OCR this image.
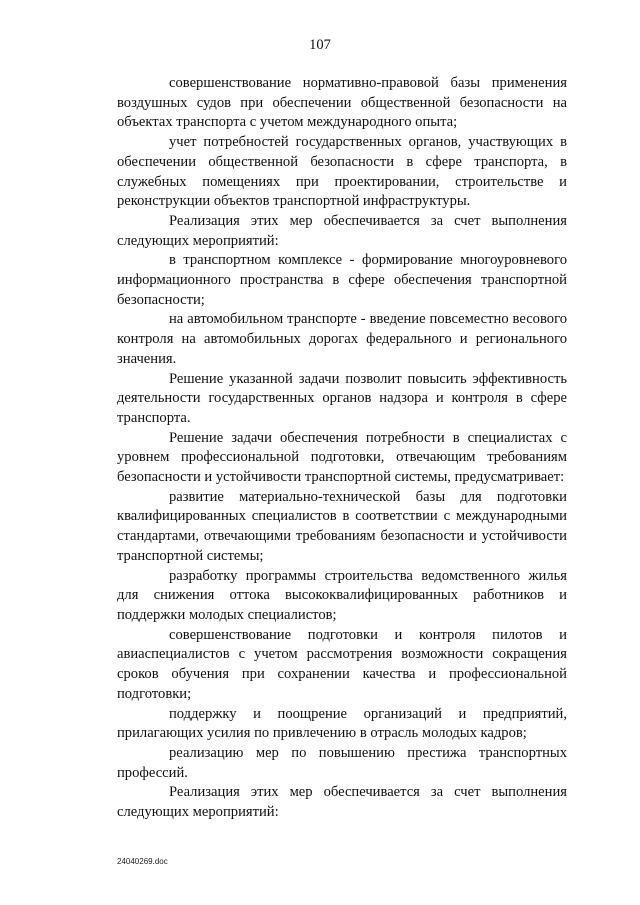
107

совершенствование нормативно-правовой базы применения воздушных судов при обеспечении общественной безопасности на объектах транспорта с учетом международного опыта;

учет потребностей государственных органов, участвующих в обеспечении общественной безопасности в сфере транспорта, в служебных помещениях при проектировании, строительстве и реконструкции объектов транспортной инфраструктуры.

Реализация этих мер обеспечивается за счет выполнения следующих мероприятий:

в транспортном комплексе - формирование многоуровневого информационного пространства в сфере обеспечения транспортной безопасности;

на автомобильном транспорте - введение повсеместно весового контроля на автомобильных дорогах федерального и регионального значения.

Решение указанной задачи позволит повысить эффективность деятельности государственных органов надзора и контроля в сфере транспорта.

Решение задачи обеспечения потребности в специалистах с уровнем профессиональной подготовки, отвечающим требованиям безопасности и устойчивости транспортной системы, предусматривает:

развитие материально-технической базы для подготовки квалифицированных специалистов в соответствии с международными стандартами, отвечающими требованиям безопасности и устойчивости транспортной системы;

разработку программы строительства ведомственного жилья для снижения оттока высококвалифицированных работников и поддержки молодых специалистов;

совершенствование подготовки и контроля пилотов и авиаспециалистов с учетом рассмотрения возможности сокращения сроков обучения при сохранении качества и профессиональной подготовки;

поддержку и поощрение организаций и предприятий, прилагающих усилия по привлечению в отрасль молодых кадров;

реализацию мер по повышению престижа транспортных профессий.

Реализация этих мер обеспечивается за счет выполнения следующих мероприятий:

24040269.doc
